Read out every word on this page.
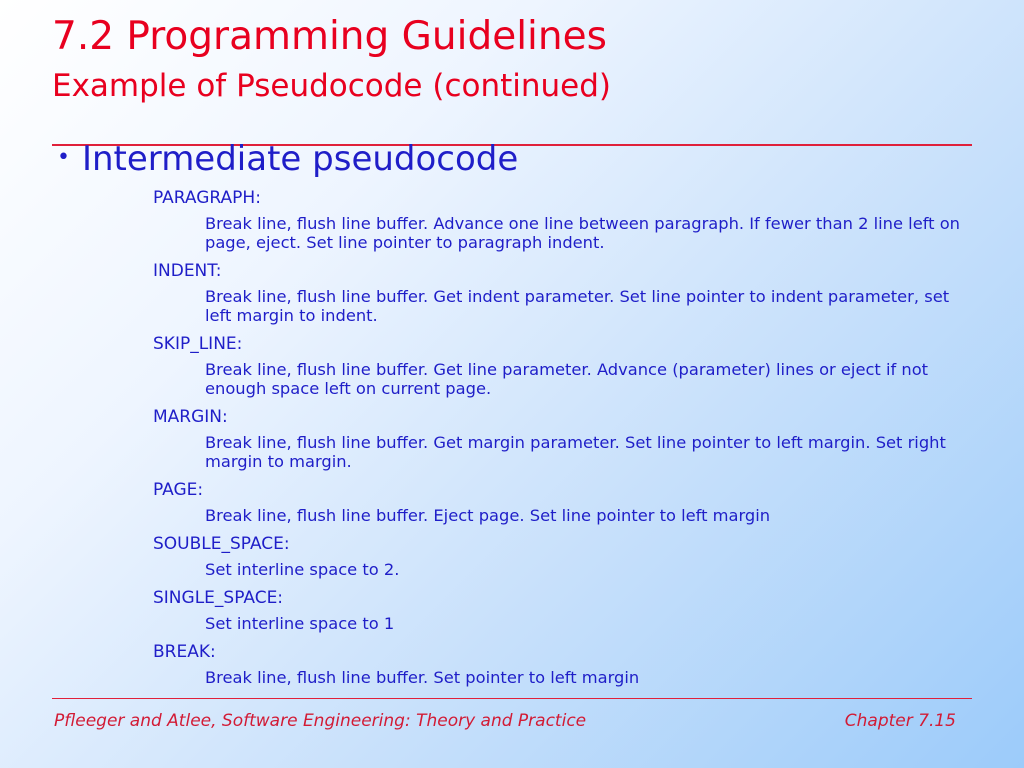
7.2 Programming Guidelines
Example of Pseudocode (continued)
• Intermediate pseudocode
PARAGRAPH:
Break line, flush line buffer. Advance one line between paragraph. If fewer than 2 line left on page, eject. Set line pointer to paragraph indent.
INDENT:
Break line, flush line buffer. Get indent parameter. Set line pointer to indent parameter, set left margin to indent.
SKIP_LINE:
Break line, flush line buffer. Get line parameter. Advance (parameter) lines or eject if not enough space left on current page.
MARGIN:
Break line, flush line buffer. Get margin parameter. Set line pointer to left margin. Set right margin to margin.
PAGE:
Break line, flush line buffer. Eject page. Set line pointer to left margin
SOUBLE_SPACE:
Set interline space to 2.
SINGLE_SPACE:
Set interline space to 1
BREAK:
Break line, flush line buffer. Set pointer to left margin
Pfleeger and Atlee, Software Engineering: Theory and Practice	Chapter 7.15
